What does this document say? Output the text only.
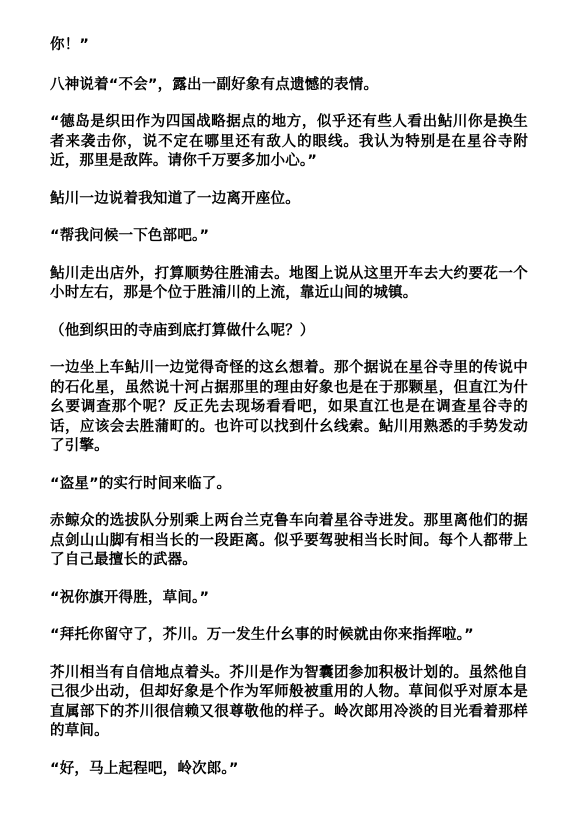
你！”

八神说着“不会”，露出一副好象有点遗憾的表情。

“德岛是织田作为四国战略据点的地方，似乎还有些人看出鲇川你是换生者来袭击你，说不定在哪里还有敌人的眼线。我认为特别是在星谷寺附近，那里是敌阵。请你千万要多加小心。”

鲇川一边说着我知道了一边离开座位。

“帮我问候一下色部吧。”

鲇川走出店外，打算顺势往胜浦去。地图上说从这里开车去大约要花一个小时左右，那是个位于胜浦川的上流，靠近山间的城镇。

（他到织田的寺庙到底打算做什么呢？）

一边坐上车鲇川一边觉得奇怪的这幺想着。那个据说在星谷寺里的传说中的石化星，虽然说十河占据那里的理由好象也是在于那颗星，但直江为什幺要调查那个呢？反正先去现场看看吧，如果直江也是在调查星谷寺的话，应该会去胜蒲町的。也许可以找到什幺线索。鲇川用熟悉的手势发动了引擎。

“盗星”的实行时间来临了。

赤鲸众的选拔队分别乘上两台兰克鲁车向着星谷寺进发。那里离他们的据点剑山山脚有相当长的一段距离。似乎要驾驶相当长时间。每个人都带上了自己最擅长的武器。

“祝你旗开得胜，草间。”

“拜托你留守了，芥川。万一发生什幺事的时候就由你来指挥啦。”

芥川相当有自信地点着头。芥川是作为智囊团参加积极计划的。虽然他自己很少出动，但却好象是个作为军师般被重用的人物。草间似乎对原本是直属部下的芥川很信赖又很尊敬他的样子。岭次郎用冷淡的目光看着那样的草间。

“好，马上起程吧，岭次郎。”
